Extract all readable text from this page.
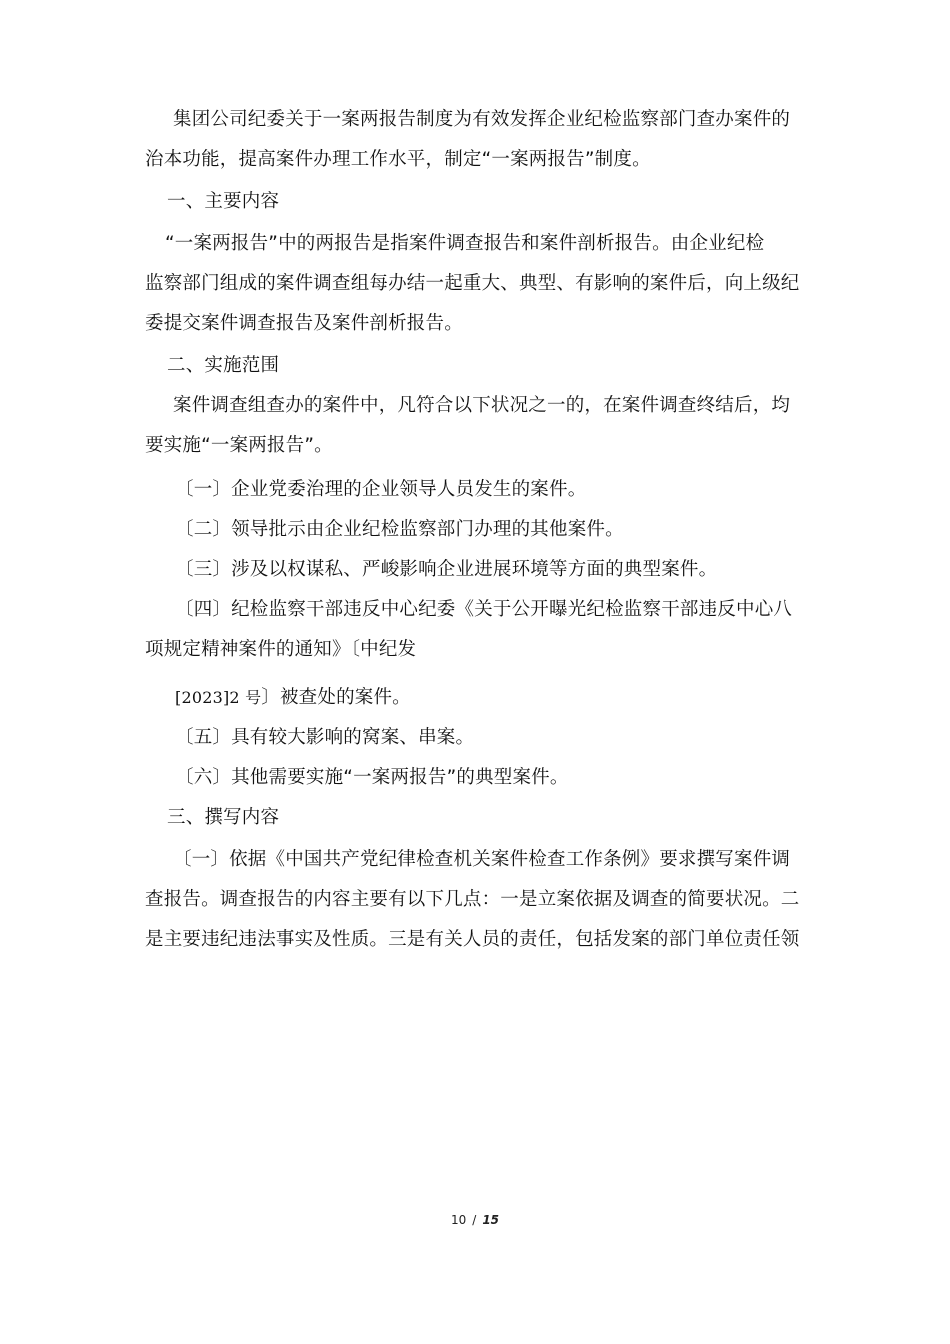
集团公司纪委关于一案两报告制度为有效发挥企业纪检监察部门查办案件的

治本功能，提高案件办理工作水平，制定“一案两报告”制度。

一、主要内容

“一案两报告”中的两报告是指案件调查报告和案件剖析报告。由企业纪检

监察部门组成的案件调查组每办结一起重大、典型、有影响的案件后，向上级纪

委提交案件调查报告及案件剖析报告。

二、实施范围

案件调查组查办的案件中，凡符合以下状况之一的，在案件调查终结后，均

要实施“一案两报告”。

〔一〕企业党委治理的企业领导人员发生的案件。

〔二〕领导批示由企业纪检监察部门办理的其他案件。

〔三〕涉及以权谋私、严峻影响企业进展环境等方面的典型案件。

〔四〕纪检监察干部违反中心纪委《关于公开曝光纪检监察干部违反中心八

项规定精神案件的通知》〔中纪发

[2023]2 号〕被查处的案件。

〔五〕具有较大影响的窝案、串案。

〔六〕其他需要实施“一案两报告”的典型案件。

三、撰写内容

〔一〕依据《中国共产党纪律检查机关案件检查工作条例》要求撰写案件调

查报告。调查报告的内容主要有以下几点：一是立案依据及调查的简要状况。二

是主要违纪违法事实及性质。三是有关人员的责任，包括发案的部门单位责任领

10 / 15
